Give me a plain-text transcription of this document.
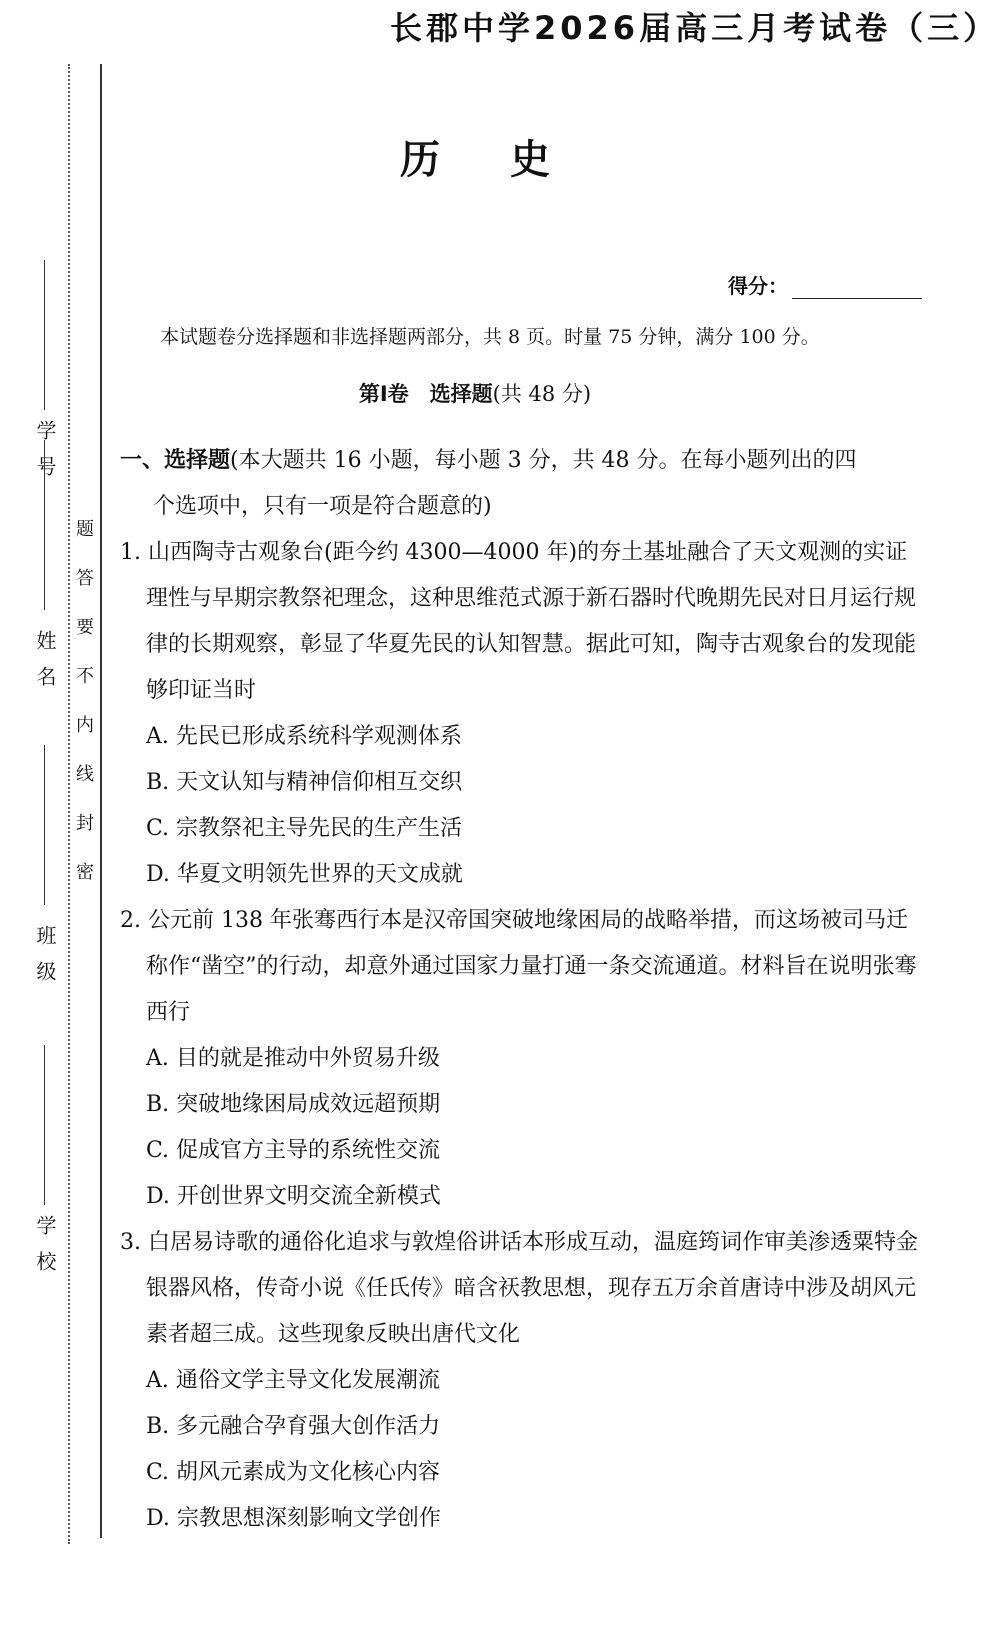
学号
姓名
班级
学校
题
答
要
不
内
线
封
密
长郡中学2026届高三月考试卷（三）
历史
得分：
本试题卷分选择题和非选择题两部分，共 8 页。时量 75 分钟，满分 100 分。
第Ⅰ卷　选择题(共 48 分)

一、选择题(本大题共 16 小题，每小题 3 分，共 48 分。在每小题列出的四
个选项中，只有一项是符合题意的)

1. 山西陶寺古观象台(距今约 4300—4000 年)的夯土基址融合了天文观测的实证理性与早期宗教祭祀理念，这种思维范式源于新石器时代晚期先民对日月运行规律的长期观察，彰显了华夏先民的认知智慧。据此可知，陶寺古观象台的发现能够印证当时

A. 先民已形成系统科学观测体系
B. 天文认知与精神信仰相互交织
C. 宗教祭祀主导先民的生产生活
D. 华夏文明领先世界的天文成就

2. 公元前 138 年张骞西行本是汉帝国突破地缘困局的战略举措，而这场被司马迁称作“凿空”的行动，却意外通过国家力量打通一条交流通道。材料旨在说明张骞西行

A. 目的就是推动中外贸易升级
B. 突破地缘困局成效远超预期
C. 促成官方主导的系统性交流
D. 开创世界文明交流全新模式

3. 白居易诗歌的通俗化追求与敦煌俗讲话本形成互动，温庭筠词作审美渗透粟特金银器风格，传奇小说《任氏传》暗含祆教思想，现存五万余首唐诗中涉及胡风元素者超三成。这些现象反映出唐代文化

A. 通俗文学主导文化发展潮流
B. 多元融合孕育强大创作活力
C. 胡风元素成为文化核心内容
D. 宗教思想深刻影响文学创作
